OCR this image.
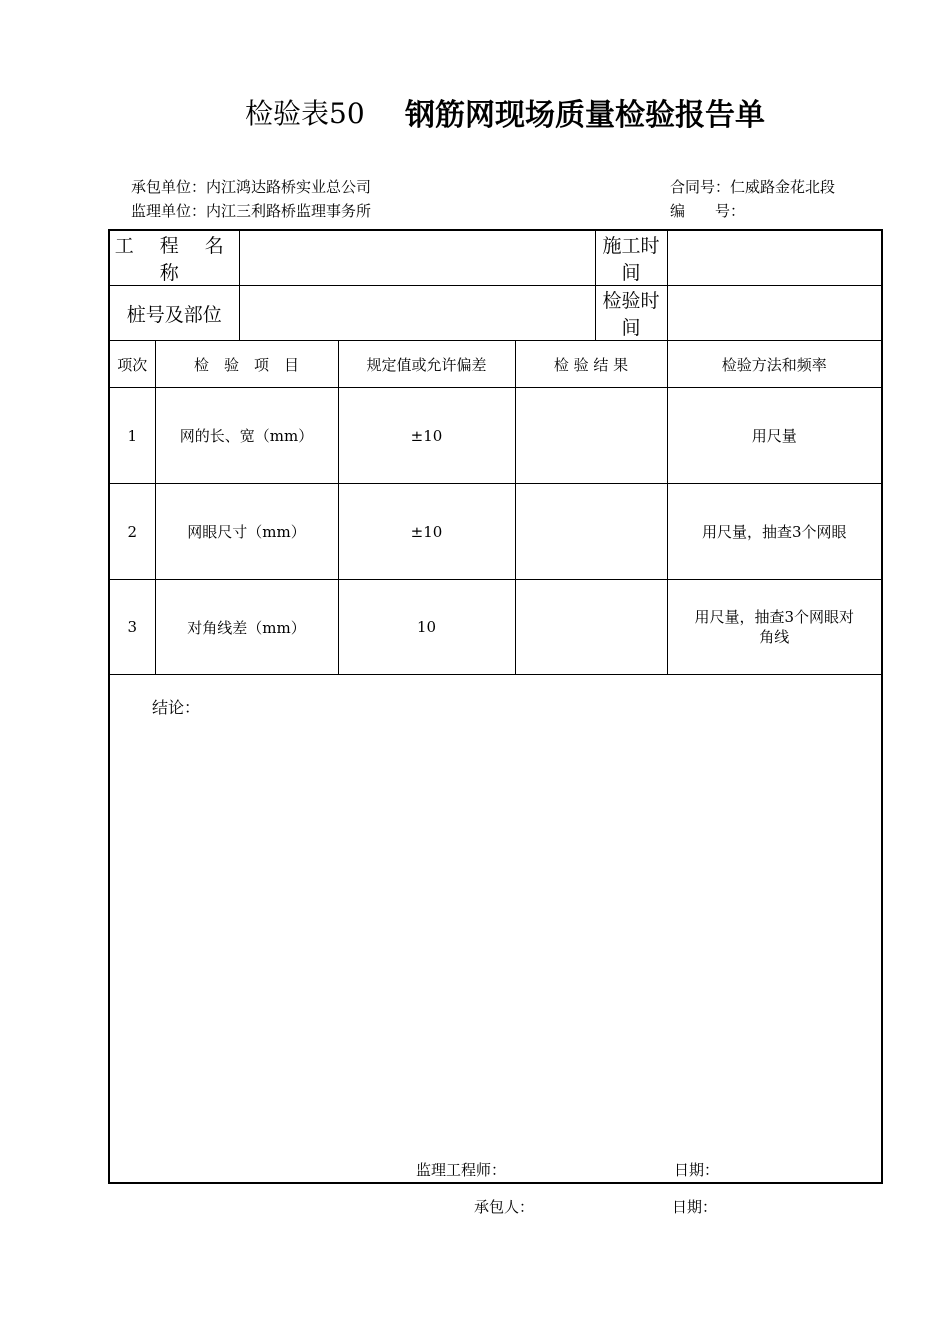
检验表50 钢筋网现场质量检验报告单
承包单位：内江鸿达路桥实业总公司
监理单位：内江三利路桥监理事务所
合同号：仁威路金花北段
编　　号：
工 程 名 称					施工时间	
桩号及部位					检验时间	
项次	检　验　项　目		规定值或允许偏差	检 验 结 果		检验方法和频率
1	网的长、宽（mm）		±10			用尺量
2	网眼尺寸（mm）		±10			用尺量，抽查3个网眼
3	对角线差（mm）		10			用尺量，抽查3个网眼对角线

结论：
监理工程师： 日期：						
承包人：	日期：
